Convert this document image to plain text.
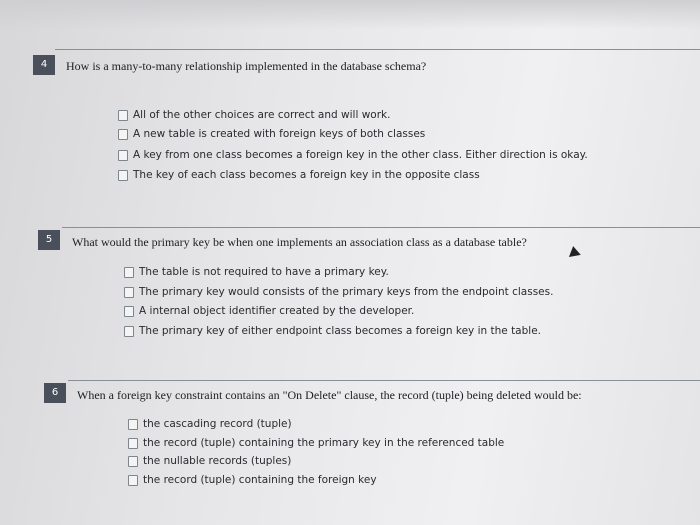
4	How is a many-to-many relationship implemented in the database schema?
All of the other choices are correct and will work.
A new table is created with foreign keys of both classes
A key from one class becomes a foreign key in the other class. Either direction is okay.
The key of each class becomes a foreign key in the opposite class
5	What would the primary key be when one implements an association class as a database table?
The table is not required to have a primary key.
The primary key would consists of the primary keys from the endpoint classes.
A internal object identifier created by the developer.
The primary key of either endpoint class becomes a foreign key in the table.
6	When a foreign key constraint contains an "On Delete" clause, the record (tuple) being deleted would be:
the cascading record (tuple)
the record (tuple) containing the primary key in the referenced table
the nullable records (tuples)
the record (tuple) containing the foreign key
